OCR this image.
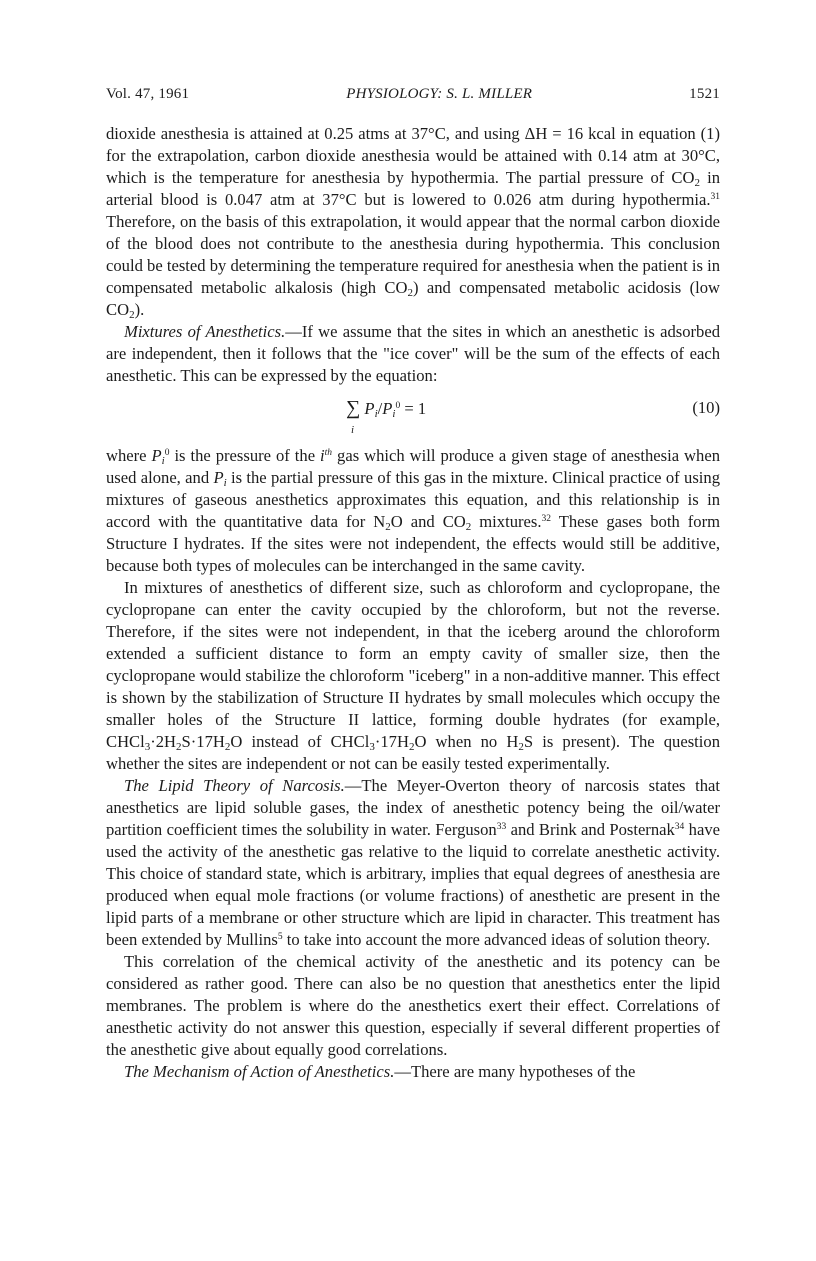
Vol. 47, 1961	PHYSIOLOGY: S. L. MILLER	1521

dioxide anesthesia is attained at 0.25 atms at 37°C, and using ΔH = 16 kcal in equation (1) for the extrapolation, carbon dioxide anesthesia would be attained with 0.14 atm at 30°C, which is the temperature for anesthesia by hypothermia. The partial pressure of $CO_2$ in arterial blood is 0.047 atm at 37°C but is lowered to 0.026 atm during hypothermia.$^{31}$ Therefore, on the basis of this extrapolation, it would appear that the normal carbon dioxide of the blood does not contribute to the anesthesia during hypothermia. This conclusion could be tested by determining the temperature required for anesthesia when the patient is in compensated metabolic alkalosis (high $CO_2$) and compensated metabolic acidosis (low $CO_2$).

Mixtures of Anesthetics.—If we assume that the sites in which an anesthetic is adsorbed are independent, then it follows that the "ice cover" will be the sum of the effects of each anesthetic. This can be expressed by the equation:

∑
i
$P_i/P_i^0 = 1$	(10)

where $P_i^0$ is the pressure of the $i^{th}$ gas which will produce a given stage of anesthesia when used alone, and $P_i$ is the partial pressure of this gas in the mixture. Clinical practice of using mixtures of gaseous anesthetics approximates this equation, and this relationship is in accord with the quantitative data for $N_2O$ and $CO_2$ mixtures.$^{32}$ These gases both form Structure I hydrates. If the sites were not independent, the effects would still be additive, because both types of molecules can be interchanged in the same cavity.

In mixtures of anesthetics of different size, such as chloroform and cyclopropane, the cyclopropane can enter the cavity occupied by the chloroform, but not the reverse. Therefore, if the sites were not independent, in that the iceberg around the chloroform extended a sufficient distance to form an empty cavity of smaller size, then the cyclopropane would stabilize the chloroform "iceberg" in a non-additive manner. This effect is shown by the stabilization of Structure II hydrates by small molecules which occupy the smaller holes of the Structure II lattice, forming double hydrates (for example, $CHCl_3\cdot 2H_2S\cdot 17H_2O$ instead of $CHCl_3\cdot 17H_2O$ when no $H_2S$ is present). The question whether the sites are independent or not can be easily tested experimentally.

The Lipid Theory of Narcosis.—The Meyer-Overton theory of narcosis states that anesthetics are lipid soluble gases, the index of anesthetic potency being the oil/water partition coefficient times the solubility in water. Ferguson$^{33}$ and Brink and Posternak$^{34}$ have used the activity of the anesthetic gas relative to the liquid to correlate anesthetic activity. This choice of standard state, which is arbitrary, implies that equal degrees of anesthesia are produced when equal mole fractions (or volume fractions) of anesthetic are present in the lipid parts of a membrane or other structure which are lipid in character. This treatment has been extended by Mullins$^5$ to take into account the more advanced ideas of solution theory.

This correlation of the chemical activity of the anesthetic and its potency can be considered as rather good. There can also be no question that anesthetics enter the lipid membranes. The problem is where do the anesthetics exert their effect. Correlations of anesthetic activity do not answer this question, especially if several different properties of the anesthetic give about equally good correlations.

The Mechanism of Action of Anesthetics.—There are many hypotheses of the
